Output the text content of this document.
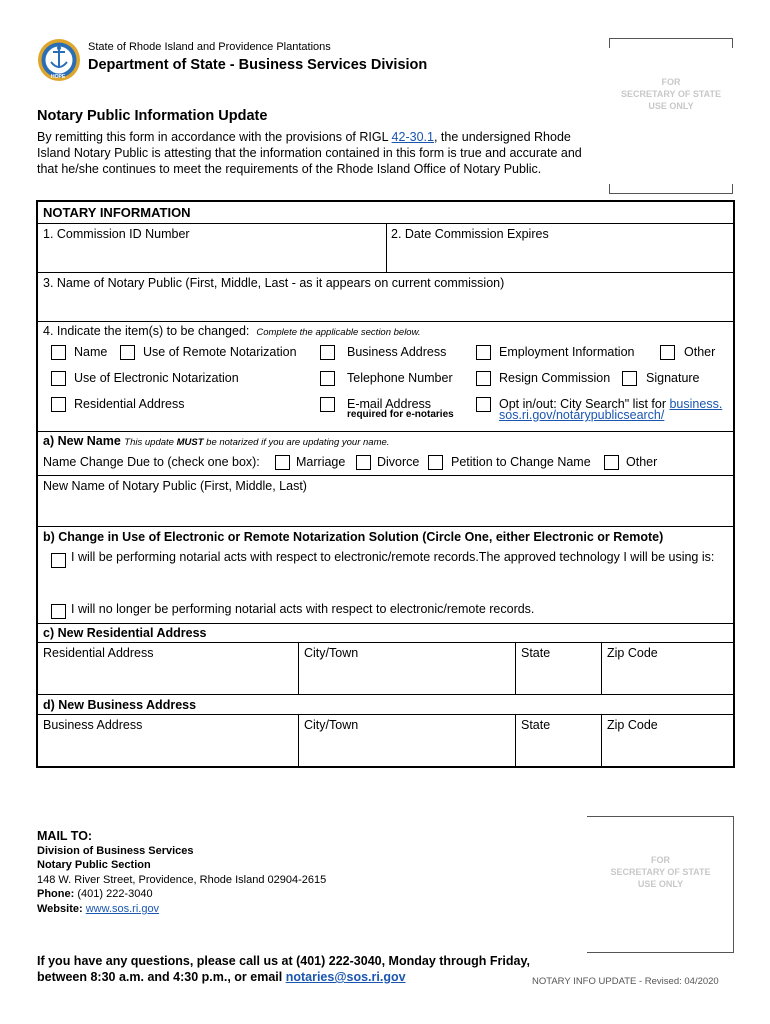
HOPE
State of Rhode Island and Providence Plantations
Department of State - Business Services Division
FOR
SECRETARY OF STATE
USE ONLY
Notary Public Information Update
By remitting this form in accordance with the provisions of RIGL 42-30.1, the undersigned Rhode
Island Notary Public is attesting that the information contained in this form is true and accurate and
that he/she continues to meet the requirements of the Rhode Island Office of Notary Public.
NOTARY INFORMATION
1. Commission ID Number	2. Date Commission Expires
3. Name of Notary Public (First, Middle, Last - as it appears on current commission)
4. Indicate the item(s) to be changed: Complete the applicable section below.
Name	Use of Remote Notarization	Business Address	Employment Information	Other
Use of Electronic Notarization	Telephone Number	Resign Commission	Signature
Residential Address	E-mail Address
required for e-notaries
Opt in/out: City Search" list for business.
sos.ri.gov/notarypublicsearch/
a) New Name This update MUST be notarized if you are updating your name.
Name Change Due to (check one box):	Marriage	Divorce	Petition to Change Name	Other
New Name of Notary Public (First, Middle, Last)
b) Change in Use of Electronic or Remote Notarization Solution (Circle One, either Electronic or Remote)
I will be performing notarial acts with respect to electronic/remote records.The approved technology I will be using is:
I will no longer be performing notarial acts with respect to electronic/remote records.
c) New Residential Address
Residential Address	City/Town	State	Zip Code
d) New Business Address
Business Address	City/Town	State	Zip Code
MAIL TO:
Division of Business Services
Notary Public Section
148 W. River Street, Providence, Rhode Island 02904-2615
Phone: (401) 222-3040
Website: www.sos.ri.gov
FOR
SECRETARY OF STATE
USE ONLY
If you have any questions, please call us at (401) 222-3040, Monday through Friday,
between 8:30 a.m. and 4:30 p.m., or email notaries@sos.ri.gov	NOTARY INFO UPDATE - Revised: 04/2020
